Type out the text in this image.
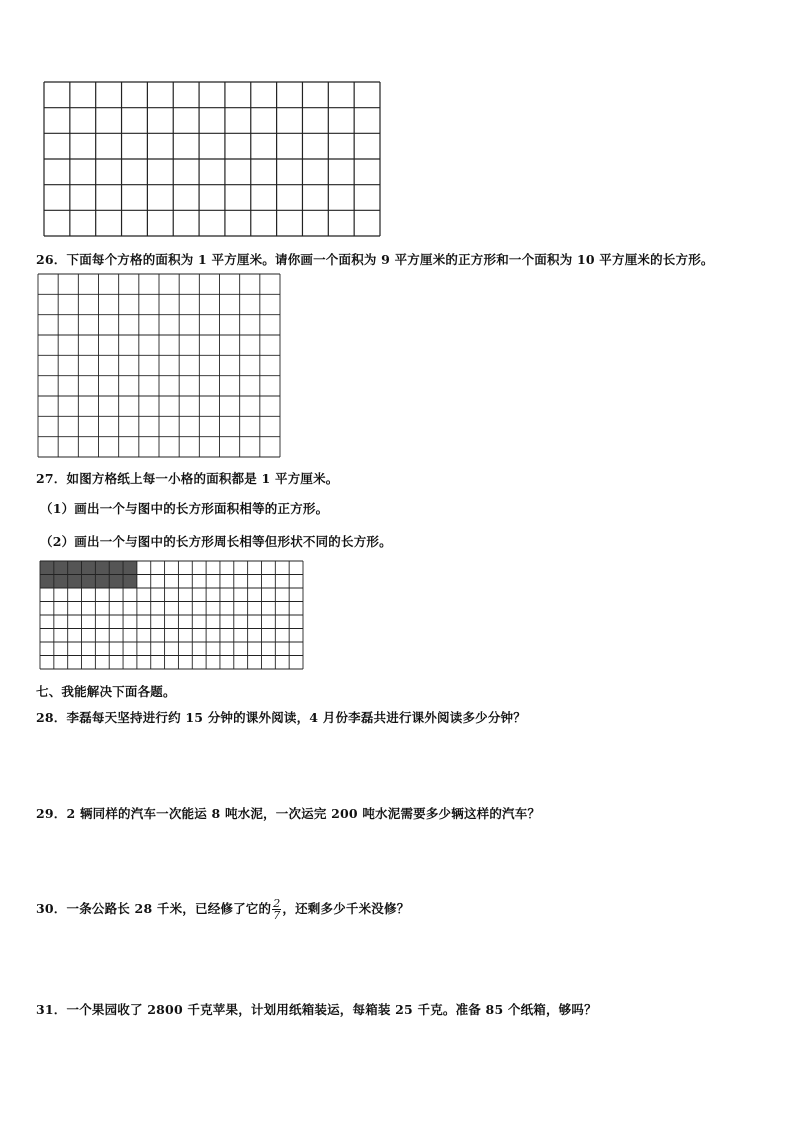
26．下面每个方格的面积为 1 平方厘米。请你画一个面积为 9 平方厘米的正方形和一个面积为 10 平方厘米的长方形。
27．如图方格纸上每一小格的面积都是 1 平方厘米。
（1）画出一个与图中的长方形面积相等的正方形。
（2）画出一个与图中的长方形周长相等但形状不同的长方形。
七、我能解决下面各题。
28．李磊每天坚持进行约 15 分钟的课外阅读，4 月份李磊共进行课外阅读多少分钟？
29．2 辆同样的汽车一次能运 8 吨水泥，一次运完 200 吨水泥需要多少辆这样的汽车？
30．一条公路长 28 千米，已经修了它的 $\frac{2}{7}$ ，还剩多少千米没修？
31．一个果园收了 2800 千克苹果，计划用纸箱装运，每箱装 25 千克。准备 85 个纸箱，够吗？
